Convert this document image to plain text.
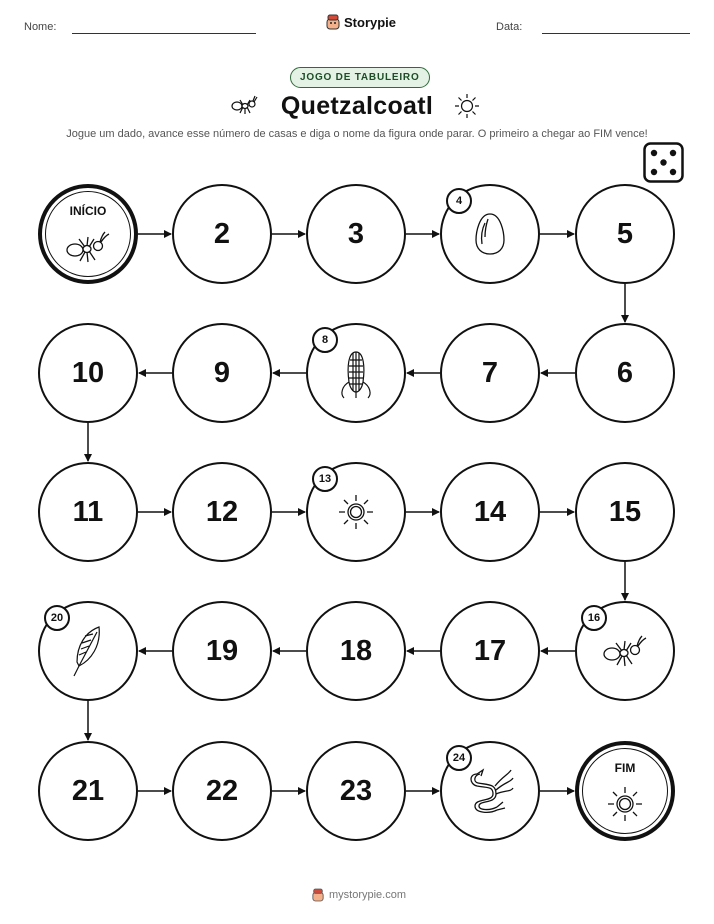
Nome:	Storypie	Data:
JOGO DE TABULEIRO
Quetzalcoatl
Jogue um dado, avance esse número de casas e diga o nome da figura onde parar. O primeiro a chegar ao FIM vence!
INÍCIO
2	3
4
5
6
7
8
9
10
11	12
13
14	15
16
17
18
19
20
21	22	23
24
FIM
mystorypie.com
